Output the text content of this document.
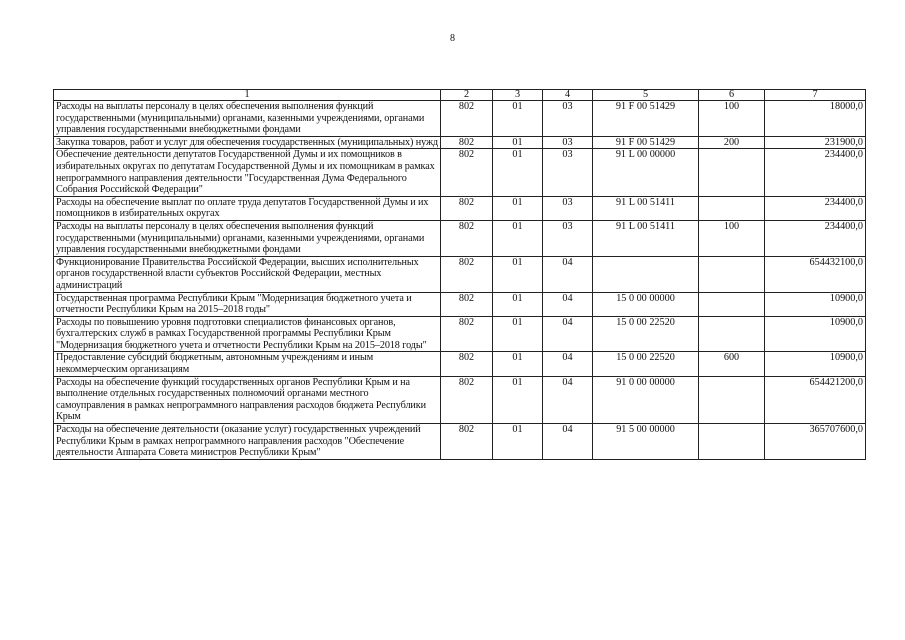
8
1	2	3	4	5	6	7
Расходы на выплаты персоналу в целях обеспечения выполнения функций государственными (муниципальными) органами, казенными учреждениями, органами управления государственными внебюджетными фондами	802	01	03	91 F 00 51429	100	18000,0
Закупка товаров, работ и услуг для обеспечения государственных (муниципальных) нужд	802	01	03	91 F 00 51429	200	231900,0
Обеспечение деятельности депутатов Государственной Думы и их помощников в избирательных округах по депутатам Государственной Думы и их помощникам в рамках непрограммного направления деятельности "Государственная Дума Федерального Собрания Российской Федерации"	802	01	03	91 L 00 00000		234400,0
Расходы на обеспечение выплат по оплате труда депутатов Государственной Думы и их помощников в избирательных округах	802	01	03	91 L 00 51411		234400,0
Расходы на выплаты персоналу в целях обеспечения выполнения функций государственными (муниципальными) органами, казенными учреждениями, органами управления государственными внебюджетными фондами	802	01	03	91 L 00 51411	100	234400,0
Функционирование Правительства Российской Федерации, высших исполнительных органов государственной власти субъектов Российской Федерации, местных администраций	802	01	04			654432100,0
Государственная программа Республики Крым "Модернизация бюджетного учета и отчетности Республики Крым на 2015–2018 годы"	802	01	04	15 0 00 00000		10900,0
Расходы по повышению уровня подготовки специалистов финансовых органов, бухгалтерских служб в рамках Государственной программы Республики Крым "Модернизация бюджетного учета и отчетности Республики Крым на 2015–2018 годы"	802	01	04	15 0 00 22520		10900,0
Предоставление субсидий бюджетным, автономным учреждениям и иным некоммерческим организациям	802	01	04	15 0 00 22520	600	10900,0
Расходы на обеспечение функций государственных органов Республики Крым и на выполнение отдельных государственных полномочий органами местного самоуправления в рамках непрограммного направления расходов бюджета Республики Крым	802	01	04	91 0 00 00000		654421200,0
Расходы на обеспечение деятельности (оказание услуг) государственных учреждений Республики Крым в рамках непрограммного направления расходов "Обеспечение деятельности Аппарата Совета министров Республики Крым"	802	01	04	91 5 00 00000		365707600,0
